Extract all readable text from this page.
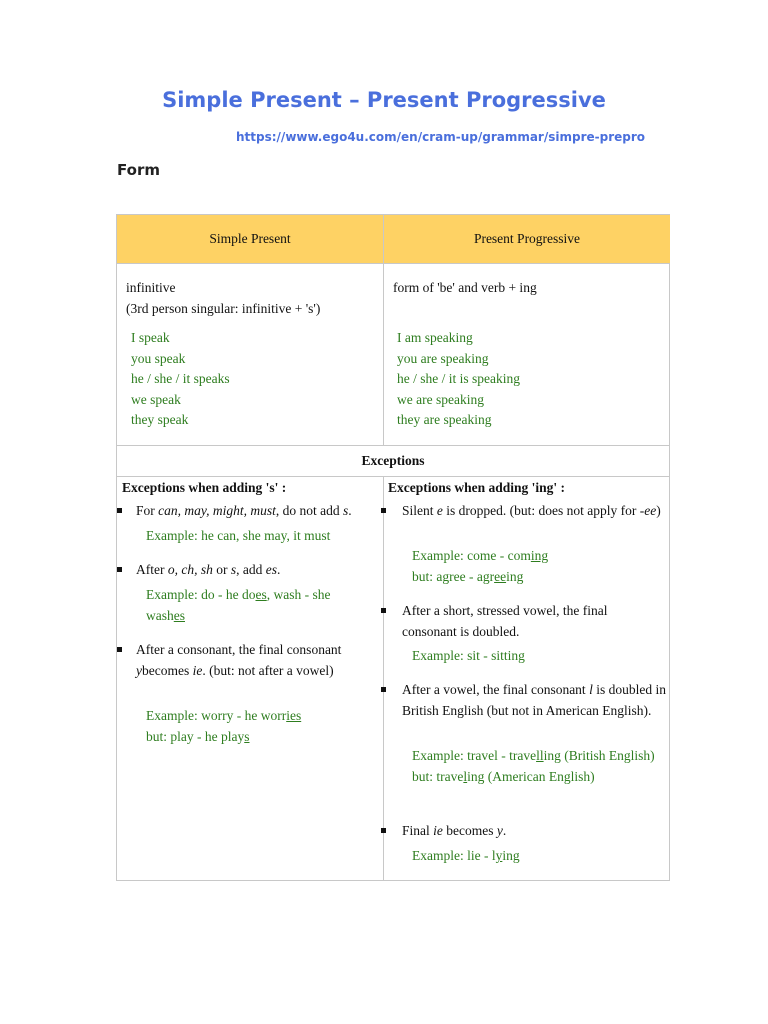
Simple Present – Present Progressive
https://www.ego4u.com/en/cram-up/grammar/simpre-prepro
Form
Simple Present	Present Progressive
infinitive
(3rd person singular: infinitive + 's')
I speak
you speak
he / she / it speaks
we speak
they speak
form of 'be' and verb + ing
I am speaking
you are speaking
he / she / it is speaking
we are speaking
they are speaking
Exceptions
Exceptions when adding 's' :
For can, may, might, must, do not add s.
Example: he can, she may, it must
After o, ch, sh or s, add es.
Example: do - he does, wash - she washes
After a consonant, the final consonant ybecomes ie. (but: not after a vowel)
Example: worry - he worries
but: play - he plays
Exceptions when adding 'ing' :
Silent e is dropped. (but: does not apply for -ee)
Example: come - coming
but: agree - agreeing
After a short, stressed vowel, the final consonant is doubled.
Example: sit - sitting
After a vowel, the final consonant l is doubled in British English (but not in American English).
Example: travel - travelling (British English)
but: traveling (American English)
Final ie becomes y.
Example: lie - lying
